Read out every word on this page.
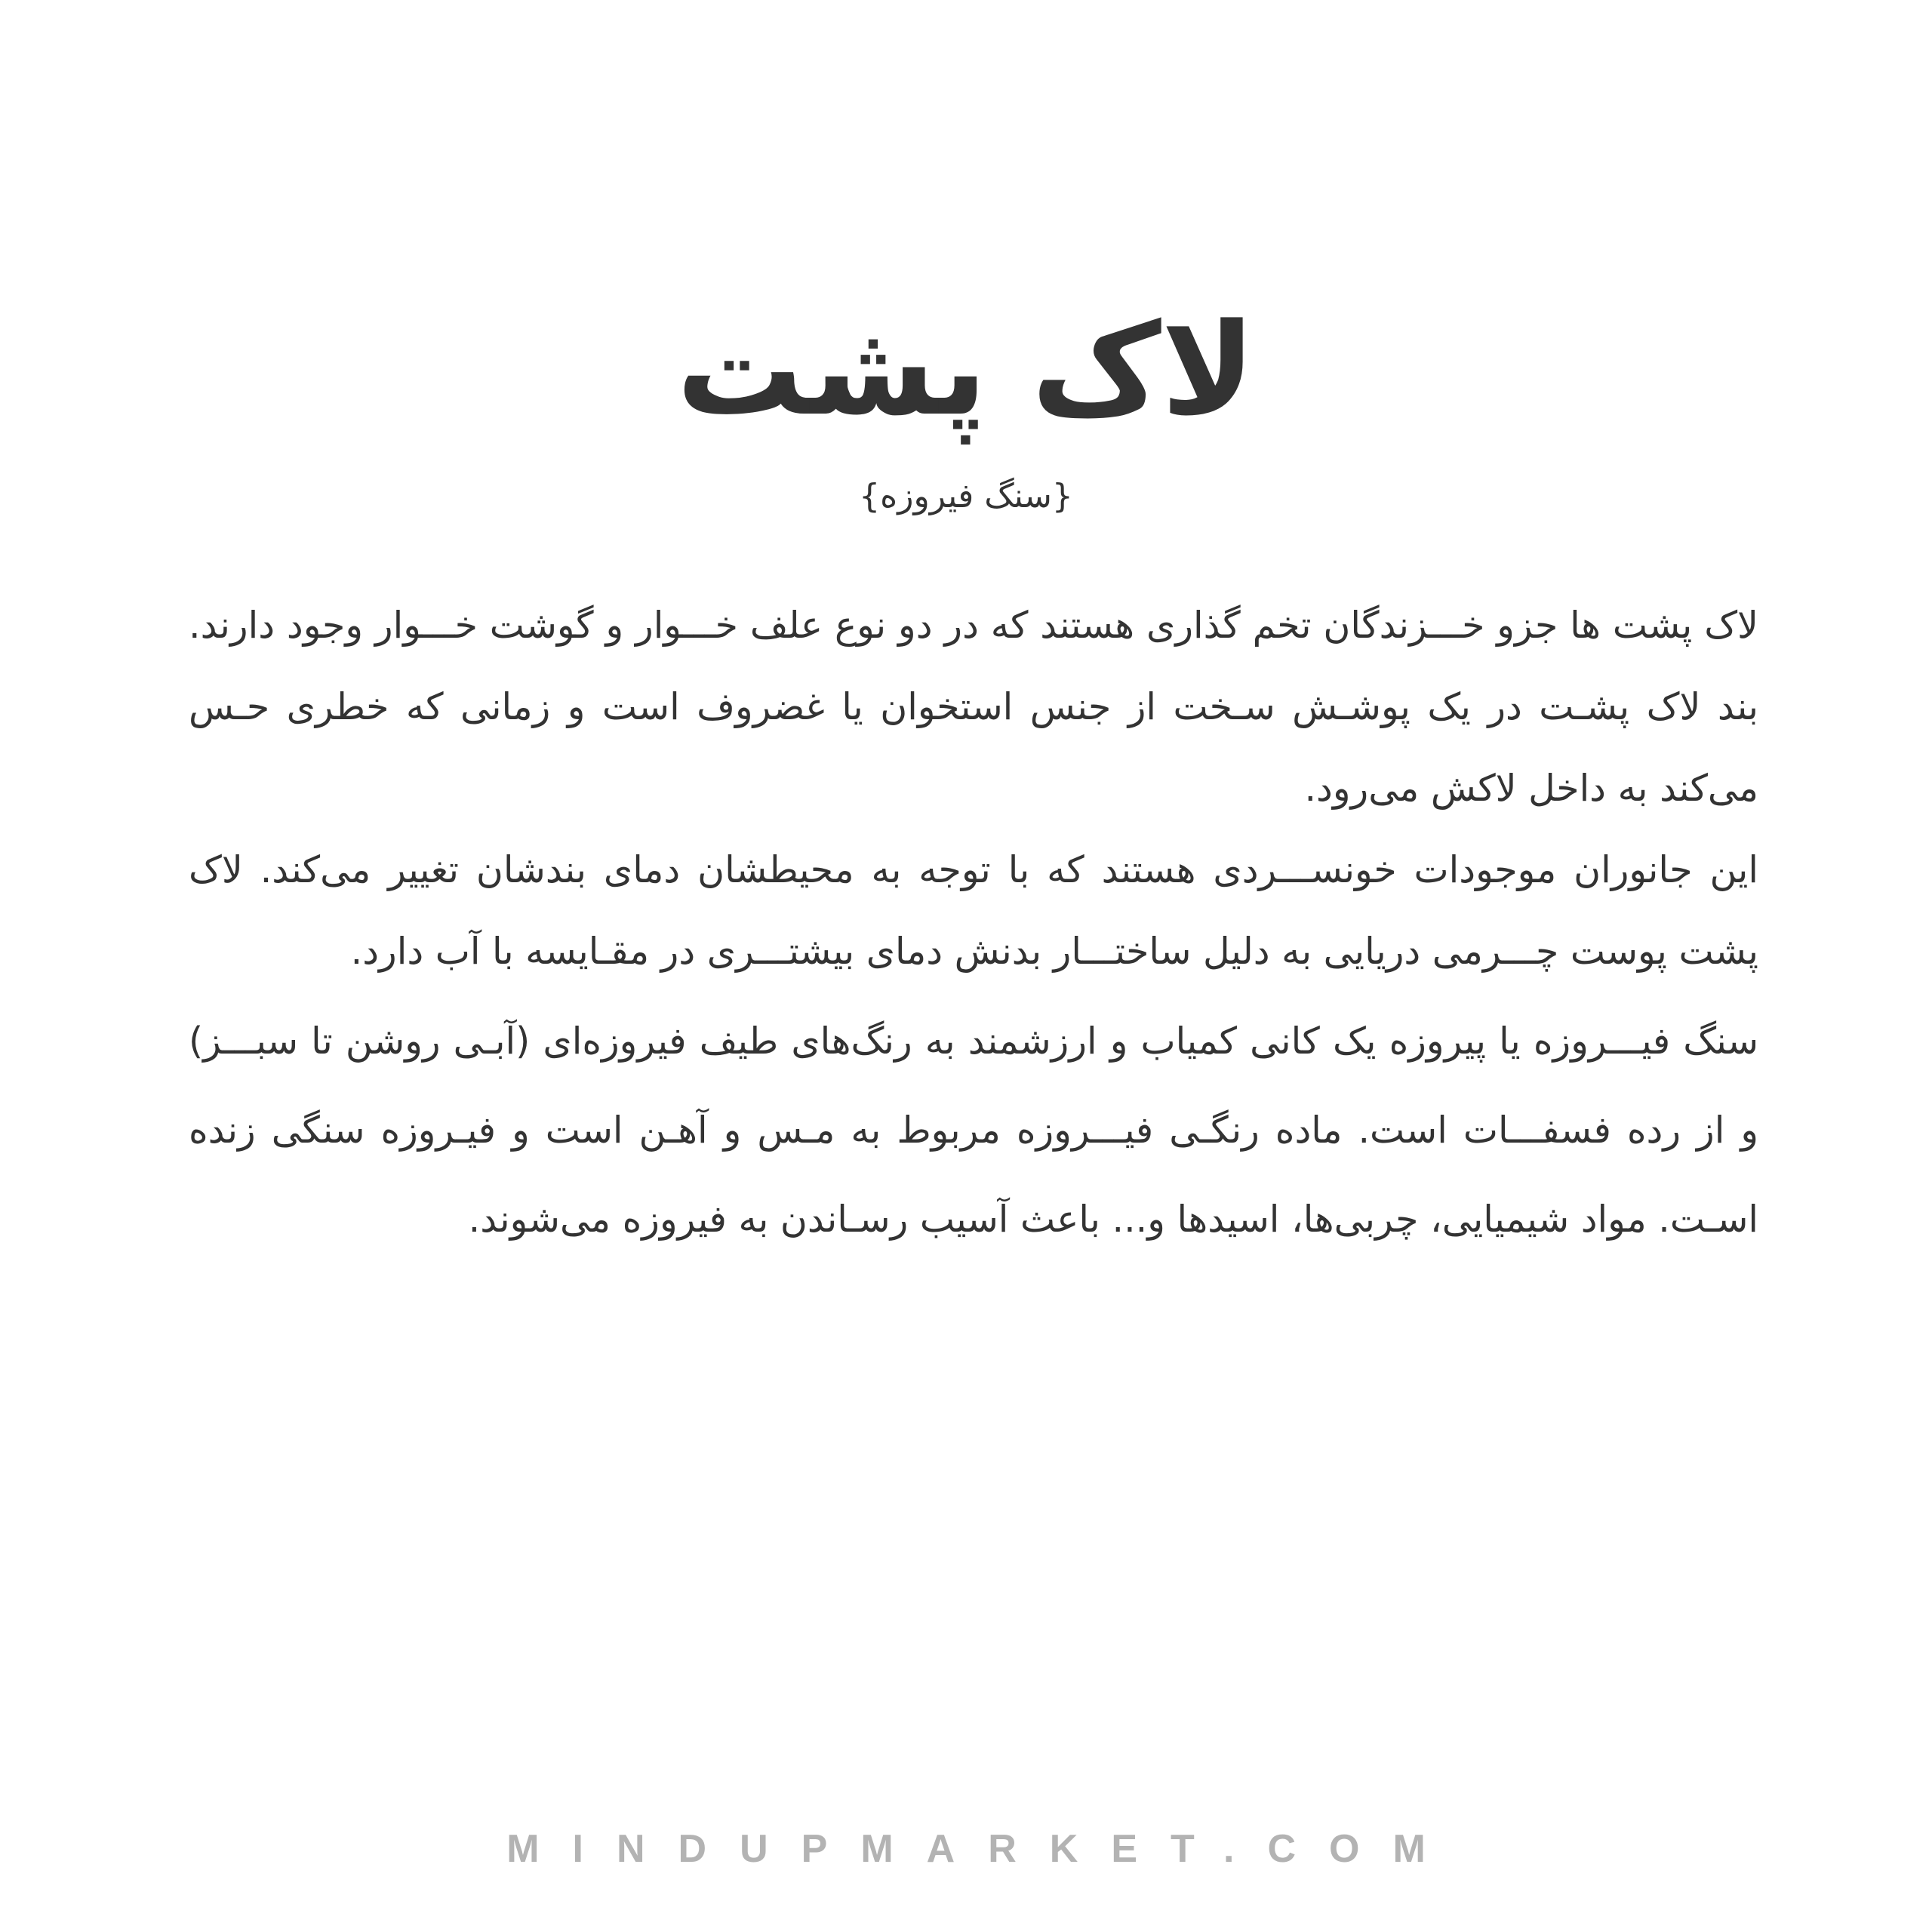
لاک پشت
{سنگ فیروزه}

لاک پشت ها جزو خـــزندگان تخم گذاری هستند که در دو نوع علف خـــوار و گوشت خـــوار وجود دارند. بند لاک پشـت در یک پوشـش سـخت از جنس استخوان یا غضروف است و زمانی که خطری حـس می‌کند به داخل لاکش می‌رود.

این جانوران موجودات خونســـردی هستند که با توجه به محیطشان دمای بند‌شان تغییر می‌کند. لاک پشت پوست چـــرمی دریایی به دلیل ساختـــار بدنش دمای بیشتـــری در مقـایسه با آب دارد.

سنگ فیـــروزه یا پیروزه یک کانی کمیاب و ارزشمند به رنگ‌های طیف فیروزه‌ای (آبـی روشن تا سبـــز) و از رده فسفـــات است. ماده رنگـی فیـــروزه مربوط به مـس و آهـن است و فیـروزه سنگی زنده اسـت. مواد شیمیایی، چربی‌ها، اسیدها و... باعث آسیب رسـاندن به فیروزه می‌شوند.

MINDUPMARKET.COM
